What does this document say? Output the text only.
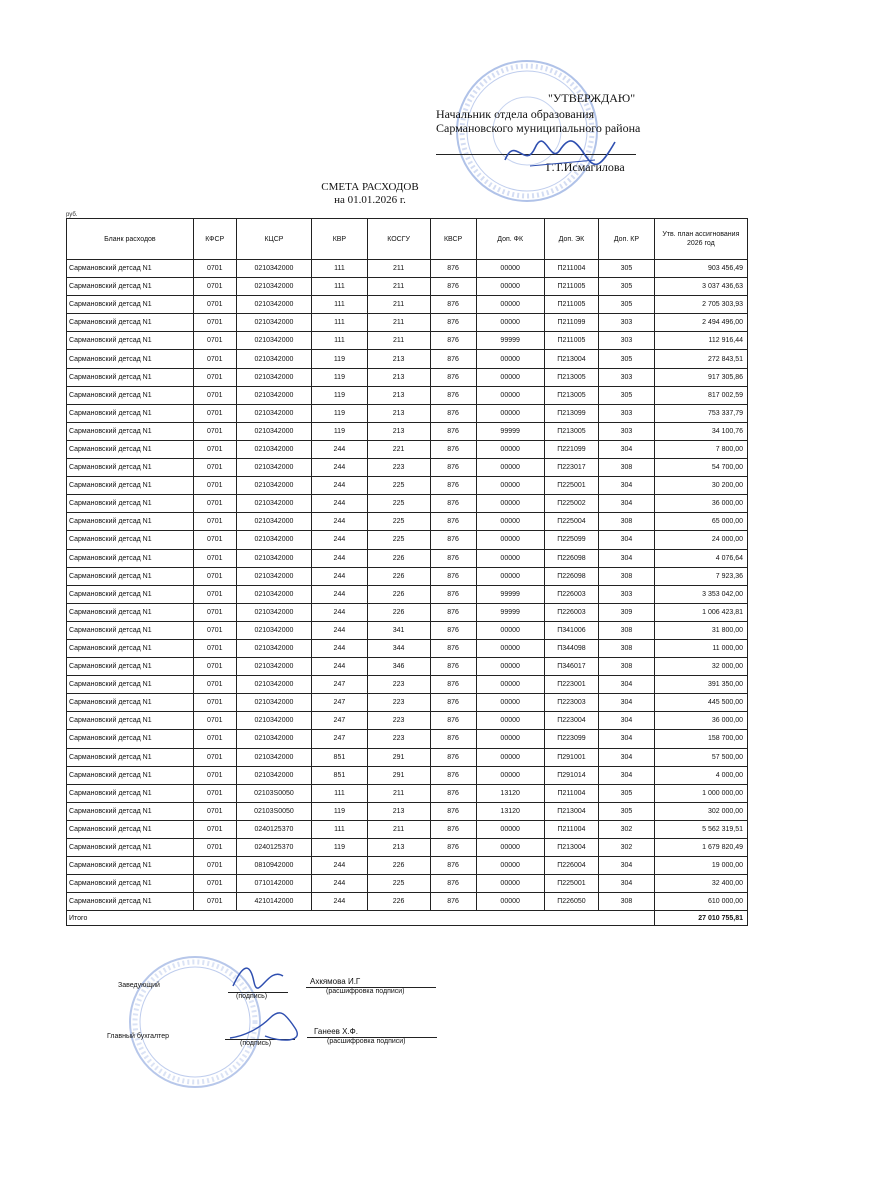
"УТВЕРЖДАЮ"
Начальник отдела образования
Сармановского муниципального района
Г.Т.Исмагилова
СМЕТА РАСХОДОВ
на 01.01.2026 г.
руб.
Бланк расходов	КФСР	КЦСР	КВР	КОСГУ	КВСР	Доп. ФК	Доп. ЭК	Доп. КР	Утв. план ассигнования 2026 год
Сармановский детсад N1	0701	0210342000	111	211	876	00000	П211004	305	903 456,49
Сармановский детсад N1	0701	0210342000	111	211	876	00000	П211005	305	3 037 436,63
Сармановский детсад N1	0701	0210342000	111	211	876	00000	П211005	305	2 705 303,93
Сармановский детсад N1	0701	0210342000	111	211	876	00000	П211099	303	2 494 496,00
Сармановский детсад N1	0701	0210342000	111	211	876	99999	П211005	303	112 916,44
Сармановский детсад N1	0701	0210342000	119	213	876	00000	П213004	305	272 843,51
Сармановский детсад N1	0701	0210342000	119	213	876	00000	П213005	303	917 305,86
Сармановский детсад N1	0701	0210342000	119	213	876	00000	П213005	305	817 002,59
Сармановский детсад N1	0701	0210342000	119	213	876	00000	П213099	303	753 337,79
Сармановский детсад N1	0701	0210342000	119	213	876	99999	П213005	303	34 100,76
Сармановский детсад N1	0701	0210342000	244	221	876	00000	П221099	304	7 800,00
Сармановский детсад N1	0701	0210342000	244	223	876	00000	П223017	308	54 700,00
Сармановский детсад N1	0701	0210342000	244	225	876	00000	П225001	304	30 200,00
Сармановский детсад N1	0701	0210342000	244	225	876	00000	П225002	304	36 000,00
Сармановский детсад N1	0701	0210342000	244	225	876	00000	П225004	308	65 000,00
Сармановский детсад N1	0701	0210342000	244	225	876	00000	П225099	304	24 000,00
Сармановский детсад N1	0701	0210342000	244	226	876	00000	П226098	304	4 076,64
Сармановский детсад N1	0701	0210342000	244	226	876	00000	П226098	308	7 923,36
Сармановский детсад N1	0701	0210342000	244	226	876	99999	П226003	303	3 353 042,00
Сармановский детсад N1	0701	0210342000	244	226	876	99999	П226003	309	1 006 423,81
Сармановский детсад N1	0701	0210342000	244	341	876	00000	П341006	308	31 800,00
Сармановский детсад N1	0701	0210342000	244	344	876	00000	П344098	308	11 000,00
Сармановский детсад N1	0701	0210342000	244	346	876	00000	П346017	308	32 000,00
Сармановский детсад N1	0701	0210342000	247	223	876	00000	П223001	304	391 350,00
Сармановский детсад N1	0701	0210342000	247	223	876	00000	П223003	304	445 500,00
Сармановский детсад N1	0701	0210342000	247	223	876	00000	П223004	304	36 000,00
Сармановский детсад N1	0701	0210342000	247	223	876	00000	П223099	304	158 700,00
Сармановский детсад N1	0701	0210342000	851	291	876	00000	П291001	304	57 500,00
Сармановский детсад N1	0701	0210342000	851	291	876	00000	П291014	304	4 000,00
Сармановский детсад N1	0701	02103S0050	111	211	876	13120	П211004	305	1 000 000,00
Сармановский детсад N1	0701	02103S0050	119	213	876	13120	П213004	305	302 000,00
Сармановский детсад N1	0701	0240125370	111	211	876	00000	П211004	302	5 562 319,51
Сармановский детсад N1	0701	0240125370	119	213	876	00000	П213004	302	1 679 820,49
Сармановский детсад N1	0701	0810942000	244	226	876	00000	П226004	304	19 000,00
Сармановский детсад N1	0701	0710142000	244	225	876	00000	П225001	304	32 400,00
Сармановский детсад N1	0701	4210142000	244	226	876	00000	П226050	308	610 000,00
Итого									27 010 755,81
Заведующий
(подпись)
Ахкямова И.Г
(расшифровка подписи)
Главный бухгалтер
(подпись)
Ганеев Х.Ф.
(расшифровка подписи)
